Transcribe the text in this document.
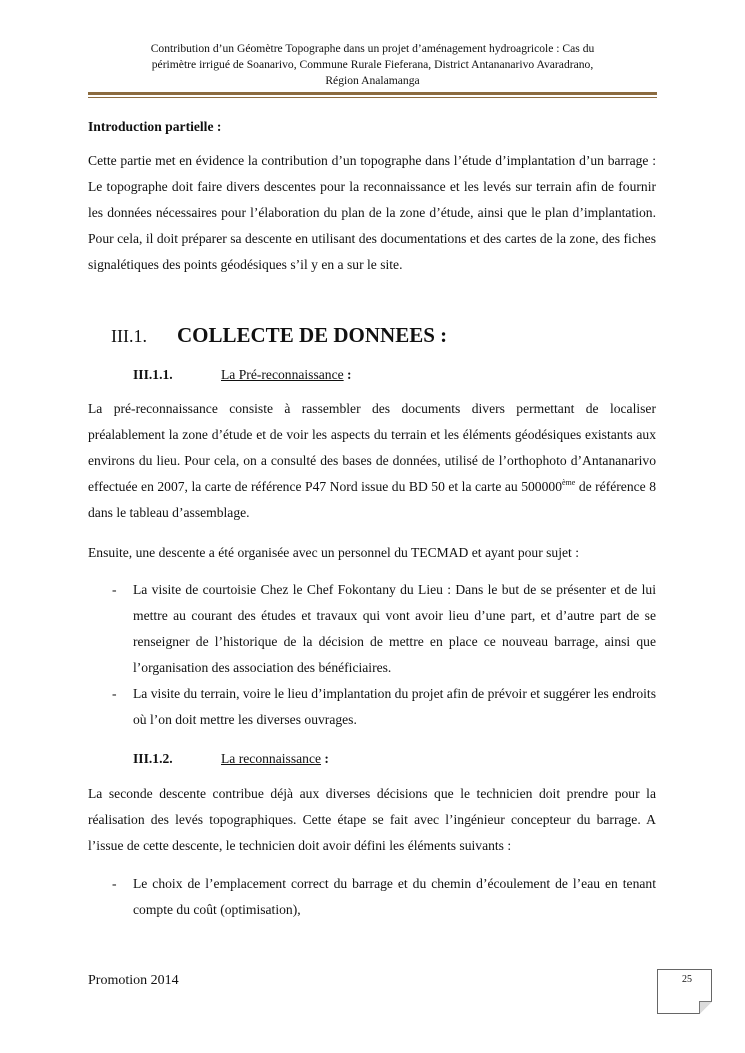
Contribution d’un Géomètre Topographe dans un projet d’aménagement hydroagricole : Cas du
périmètre irrigué de Soanarivo, Commune Rurale Fieferana, District Antananarivo Avaradrano,
Région Analamanga
Introduction partielle :
Cette partie met en évidence la contribution d’un topographe dans l’étude d’implantation d’un barrage : Le topographe doit faire divers descentes pour la reconnaissance et les levés sur terrain afin de fournir les données nécessaires pour l’élaboration du plan de la zone d’étude, ainsi que le plan d’implantation. Pour cela, il doit préparer sa descente en utilisant des documentations et des cartes de la zone, des fiches signalétiques des points géodésiques s’il y en a sur le site.
III.1. COLLECTE DE DONNEES :
III.1.1.	La Pré-reconnaissance :
La pré-reconnaissance consiste à rassembler des documents divers permettant de localiser préalablement la zone d’étude et de voir les aspects du terrain et les éléments géodésiques existants aux environs du lieu. Pour cela, on a consulté des bases de données, utilisé de l’orthophoto d’Antananarivo effectuée en 2007, la carte de référence P47 Nord issue du BD 50 et la carte au 500000ème de référence 8 dans le tableau d’assemblage.
Ensuite, une descente a été organisée avec un personnel du TECMAD et ayant pour sujet :
- La visite de courtoisie Chez le Chef Fokontany du Lieu : Dans le but de se présenter et de lui mettre au courant des études et travaux qui vont avoir lieu d’une part, et d’autre part de se renseigner de l’historique de la décision de mettre en place ce nouveau barrage, ainsi que l’organisation des association des bénéficiaires.
- La visite du terrain, voire le lieu d’implantation du projet afin de prévoir et suggérer les endroits où l’on doit mettre les diverses ouvrages.
III.1.2.	La reconnaissance :
La seconde descente contribue déjà aux diverses décisions que le technicien doit prendre pour la réalisation des levés topographiques. Cette étape se fait avec l’ingénieur concepteur du barrage. A l’issue de cette descente, le technicien doit avoir défini les éléments suivants :
- Le choix de l’emplacement correct du barrage et du chemin d’écoulement de l’eau en tenant compte du coût (optimisation),
Promotion 2014	25
